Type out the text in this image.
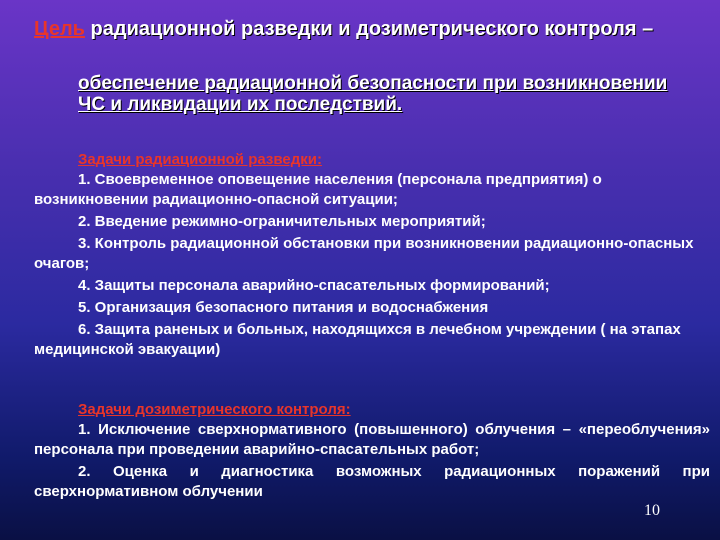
Цель радиационной разведки и дозиметрического контроля –
обеспечение радиационной безопасности при возникновении ЧС и ликвидации их последствий.
Задачи радиационной разведки:

1. Своевременное оповещение населения (персонала предприятия) о возникновении радиационно-опасной ситуации;

2. Введение режимно-ограничительных мероприятий;

3. Контроль радиационной обстановки при возникновении радиационно-опасных очагов;

4. Защиты персонала аварийно-спасательных формирований;

5. Организация безопасного питания и водоснабжения

6. Защита раненых и больных, находящихся в лечебном учреждении ( на этапах медицинской эвакуации)

Задачи дозиметрического контроля:

1. Исключение сверхнормативного (повышенного) облучения – «переоблучения» персонала при проведении аварийно-спасательных работ;

2. Оценка и диагностика возможных радиационных поражений при сверхнормативном облучении

10
